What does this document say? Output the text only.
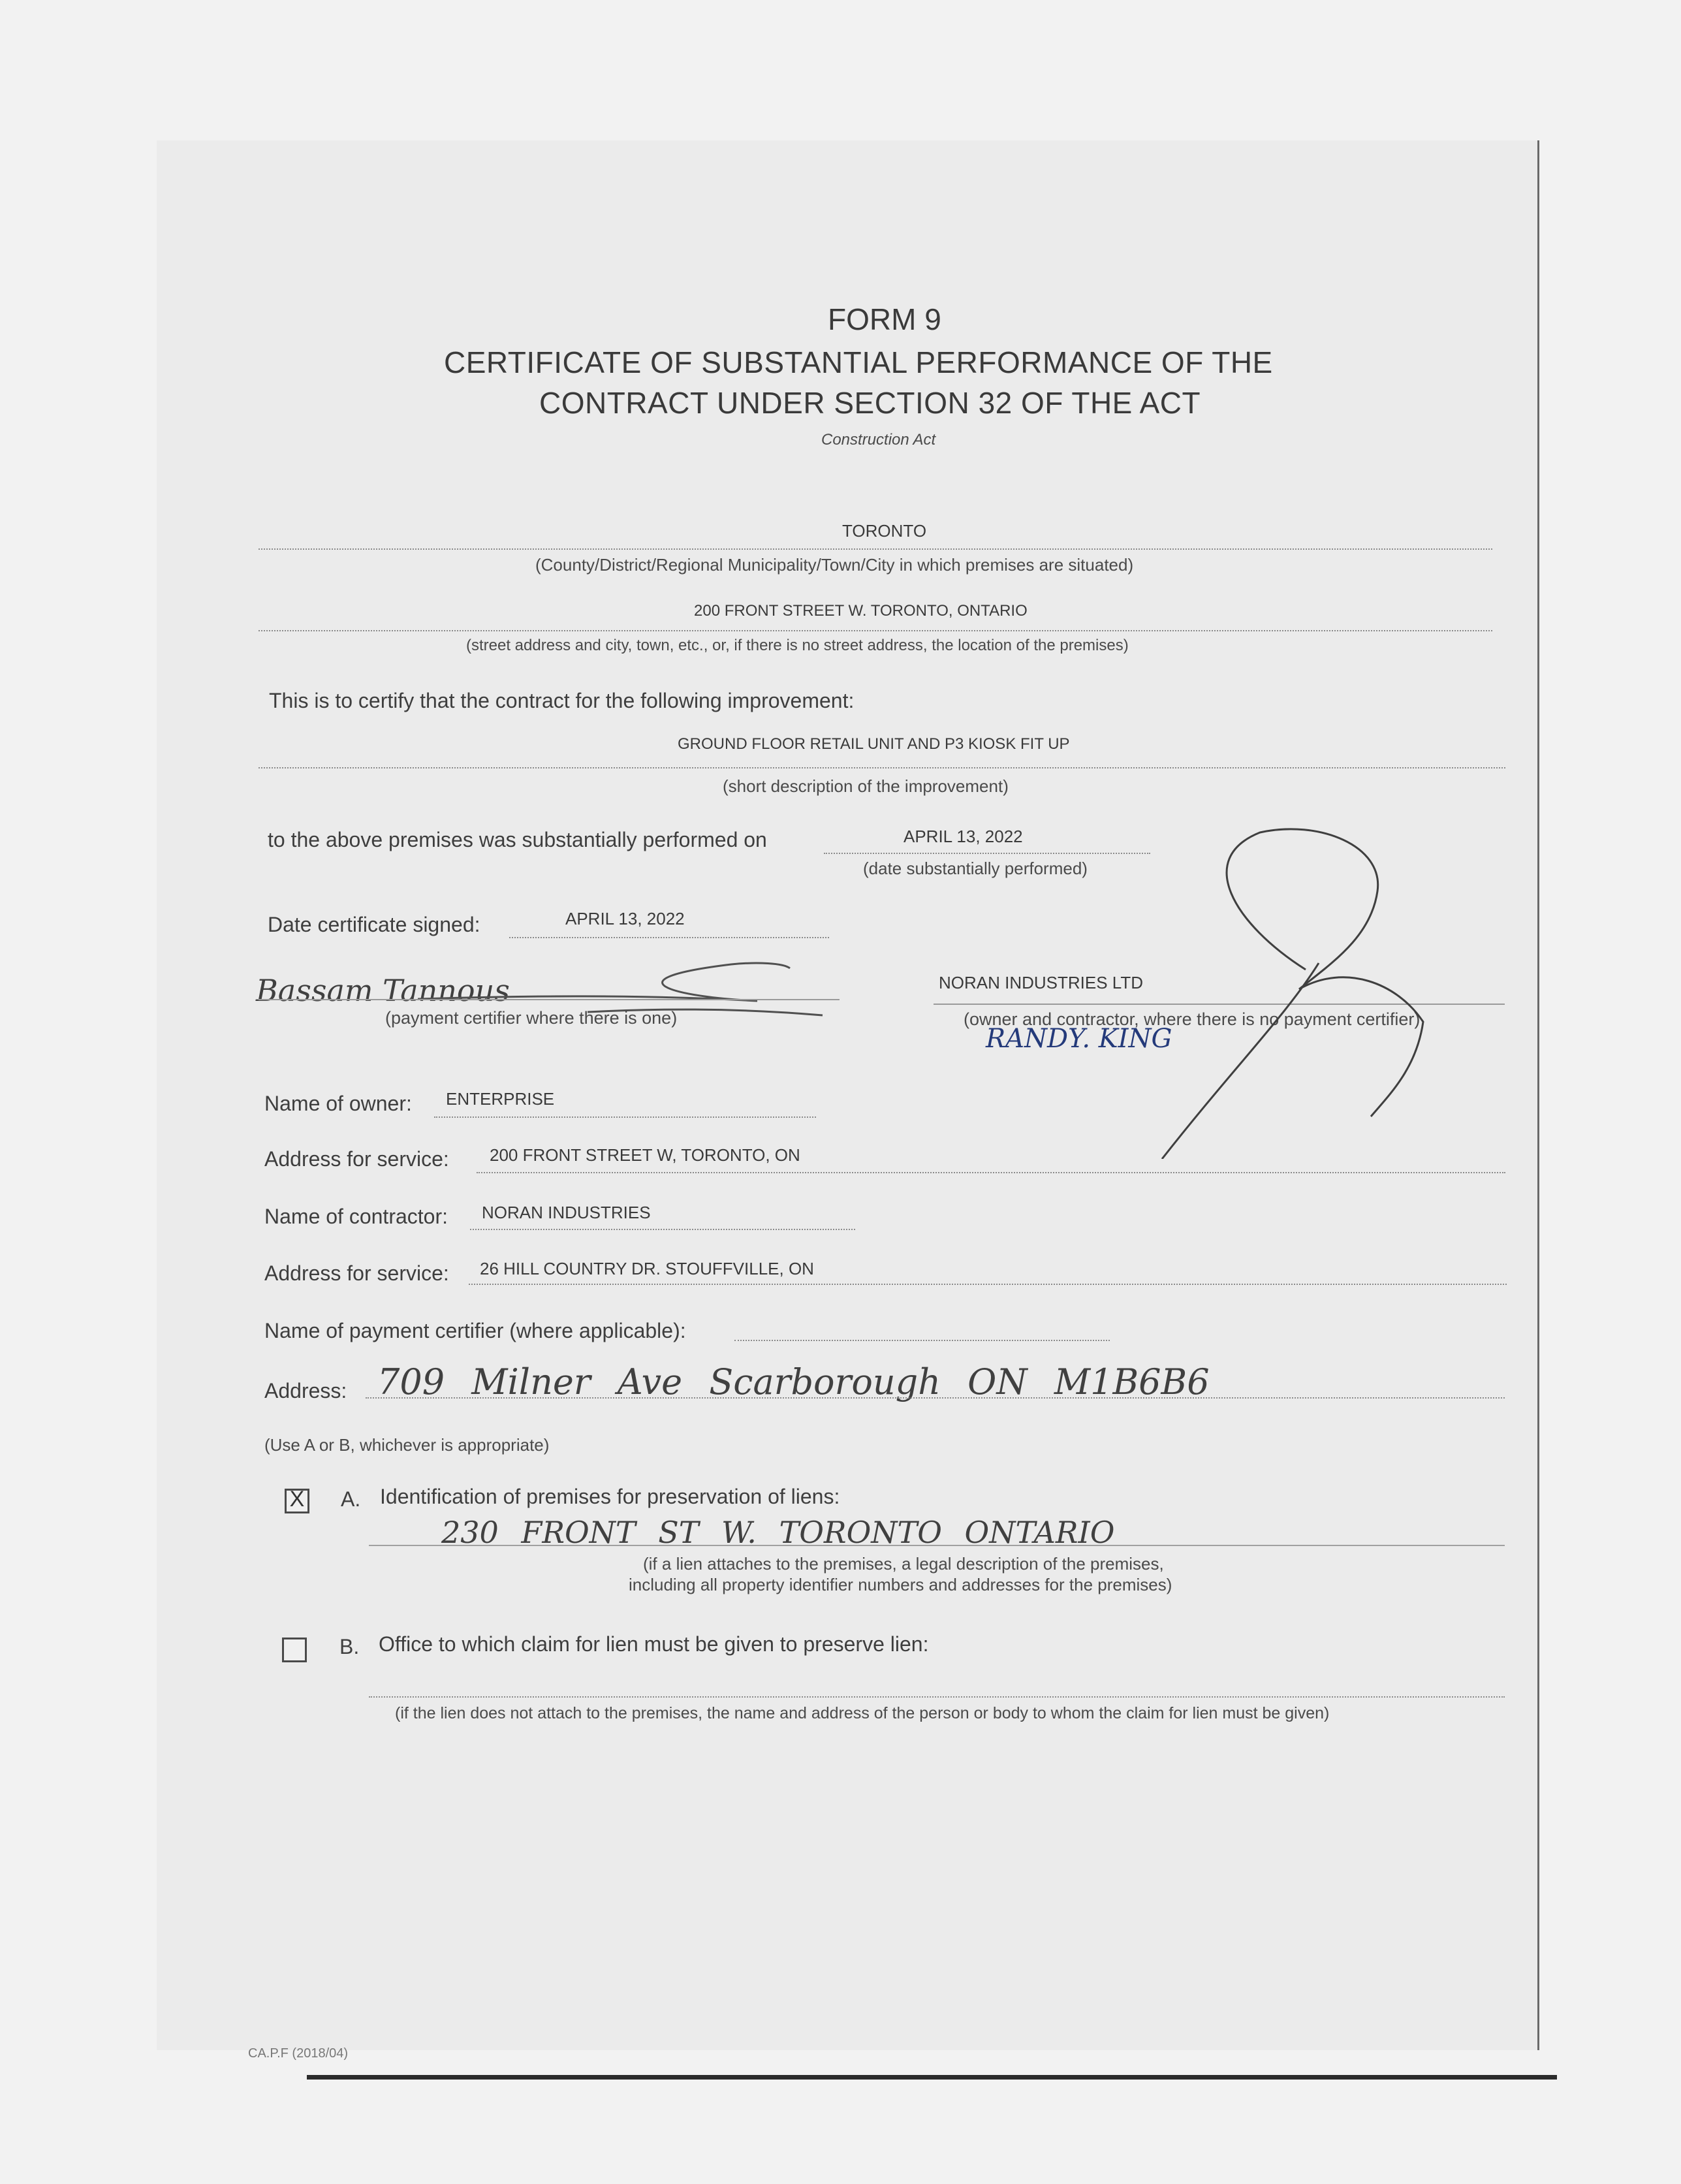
FORM 9
CERTIFICATE OF SUBSTANTIAL PERFORMANCE OF THE
CONTRACT UNDER SECTION 32 OF THE ACT
Construction Act
TORONTO
(County/District/Regional Municipality/Town/City in which premises are situated)
200 FRONT STREET W. TORONTO, ONTARIO
(street address and city, town, etc., or, if there is no street address, the location of the premises)
This is to certify that the contract for the following improvement:
GROUND FLOOR RETAIL UNIT AND P3 KIOSK FIT UP
(short description of the improvement)
to the above premises was substantially performed on	APRIL 13, 2022
(date substantially performed)
Date certificate signed:	APRIL 13, 2022
Bassam Tannous
(payment certifier where there is one)
NORAN INDUSTRIES LTD
(owner and contractor, where there is no payment certifier)
RANDY. KING
Name of owner: ENTERPRISE
Address for service: 200 FRONT STREET W, TORONTO, ON
Name of contractor: NORAN INDUSTRIES
Address for service: 26 HILL COUNTRY DR. STOUFFVILLE, ON
Name of payment certifier (where applicable):
Address: 709 Milner Ave Scarborough ON M1B6B6
(Use A or B, whichever is appropriate)
X A. Identification of premises for preservation of liens:
230 FRONT ST W. TORONTO ONTARIO
(if a lien attaches to the premises, a legal description of the premises,
including all property identifier numbers and addresses for the premises)
B. Office to which claim for lien must be given to preserve lien:
(if the lien does not attach to the premises, the name and address of the person or body to whom the claim for lien must be given)
CA.P.F (2018/04)
